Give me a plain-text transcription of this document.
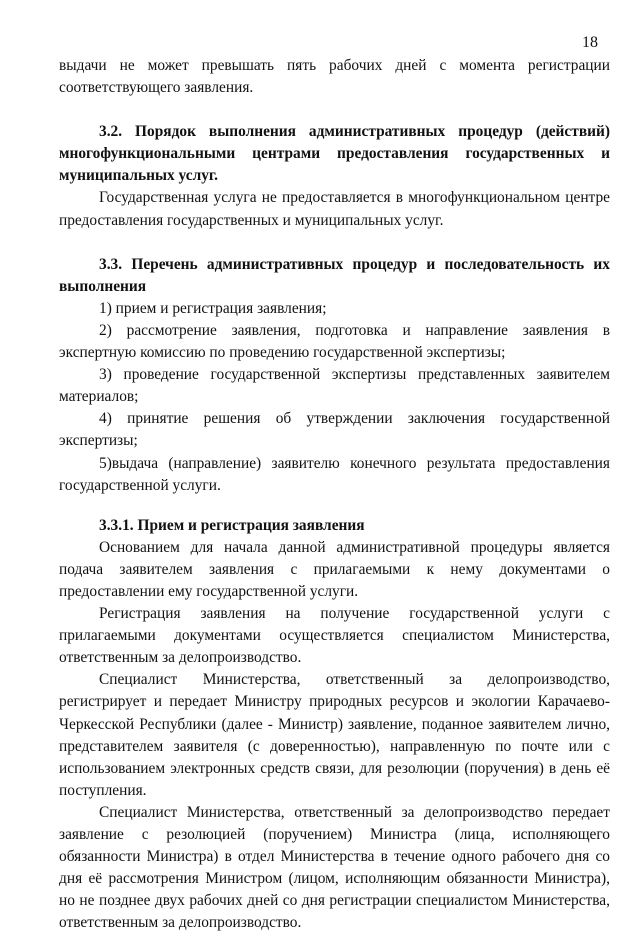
18

выдачи не может превышать пять рабочих дней с момента регистрации соответствующего заявления.

3.2. Порядок выполнения административных процедур (действий) многофункциональными центрами предоставления государственных и муниципальных услуг.

Государственная услуга не предоставляется в многофункциональном центре предоставления государственных и муниципальных услуг.

3.3. Перечень административных процедур и последовательность их выполнения

1) прием и регистрация заявления;

2) рассмотрение заявления, подготовка и направление заявления в экспертную комиссию по проведению государственной экспертизы;

3) проведение государственной экспертизы представленных заявителем материалов;

4) принятие решения об утверждении заключения государственной экспертизы;

5)выдача (направление) заявителю конечного результата предоставления государственной услуги.

3.3.1. Прием и регистрация заявления

Основанием для начала данной административной процедуры является подача заявителем заявления с прилагаемыми к нему документами о предоставлении ему государственной услуги.

Регистрация заявления на получение государственной услуги с прилагаемыми документами осуществляется специалистом Министерства, ответственным за делопроизводство.

Специалист Министерства, ответственный за делопроизводство, регистрирует и передает Министру природных ресурсов и экологии Карачаево-Черкесской Республики (далее - Министр) заявление, поданное заявителем лично, представителем заявителя (с доверенностью), направленную по почте или с использованием электронных средств связи, для резолюции (поручения) в день её поступления.

Специалист Министерства, ответственный за делопроизводство передает заявление с резолюцией (поручением) Министра (лица, исполняющего обязанности Министра) в отдел Министерства в течение одного рабочего дня со дня её рассмотрения Министром (лицом, исполняющим обязанности Министра), но не позднее двух рабочих дней со дня регистрации специалистом Министерства, ответственным за делопроизводство.
